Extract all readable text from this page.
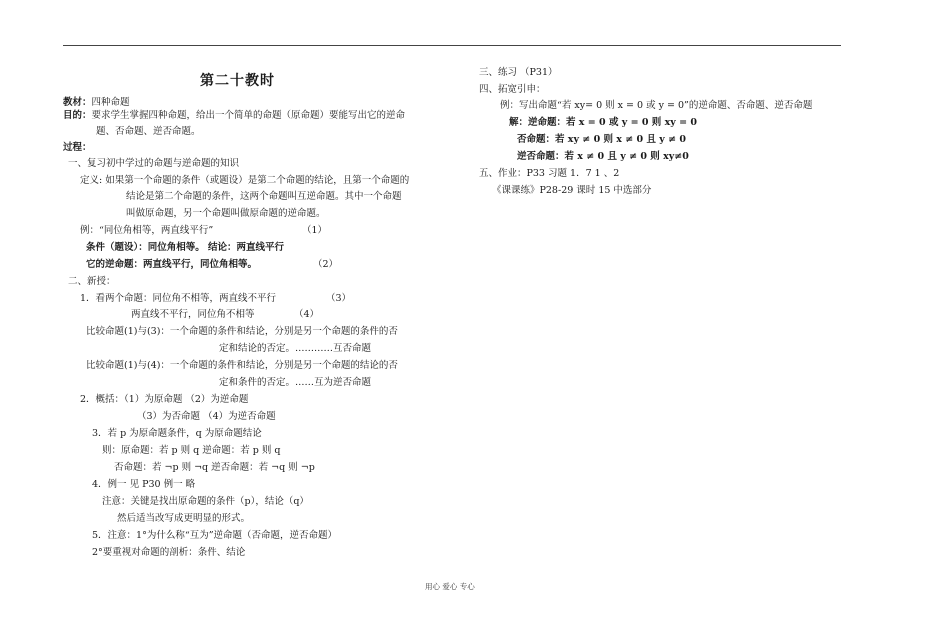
第二十教时
教材：四种命题
目的：要求学生掌握四种命题，给出一个简单的命题（原命题）要能写出它的逆命
题、否命题、逆否命题。
过程：
一、复习初中学过的命题与逆命题的知识
定义: 如果第一个命题的条件（或题设）是第二个命题的结论，且第一个命题的
结论是第二个命题的条件，这两个命题叫互逆命题。其中一个命题
叫做原命题，另一个命题叫做原命题的逆命题。
例：“同位角相等，两直线平行”	（1）
条件（题设）：同位角相等。 结论：两直线平行
它的逆命题：两直线平行，同位角相等。	（2）
二、新授：
1．看两个命题：同位角不相等，两直线不平行	（3）
两直线不平行，同位角不相等	（4）
比较命题(1)与(3)：一个命题的条件和结论，分别是另一个命题的条件的否
定和结论的否定。…………互否命题
比较命题(1)与(4)：一个命题的条件和结论，分别是另一个命题的结论的否
定和条件的否定。……互为逆否命题
2．概括：（1）为原命题 （2）为逆命题
（3）为否命题 （4）为逆否命题
3．若 p 为原命题条件，q 为原命题结论
则：原命题：若 p 则 q 逆命题：若 p 则 q
否命题：若 ¬p 则 ¬q 逆否命题：若 ¬q 则 ¬p
4．例一 见 P30 例一 略
注意：关键是找出原命题的条件（p），结论（q）
然后适当改写成更明显的形式。
5．注意：1°为什么称“互为”逆命题（否命题，逆否命题）
2°要重视对命题的剖析：条件、结论
三、练习 （P31）
四、拓宽引申：
例：写出命题“若 xy= 0 则 x = 0 或 y = 0”的逆命题、否命题、逆否命题
解：逆命题：若 x = 0 或 y = 0 则 xy = 0
否命题：若 xy ≠ 0 则 x ≠ 0 且 y ≠ 0
逆否命题：若 x ≠ 0 且 y ≠ 0 则 xy≠0
五、作业：P33 习题 1．7 1 、2
《课课练》P28-29 课时 15 中选部分
用心 爱心 专心
